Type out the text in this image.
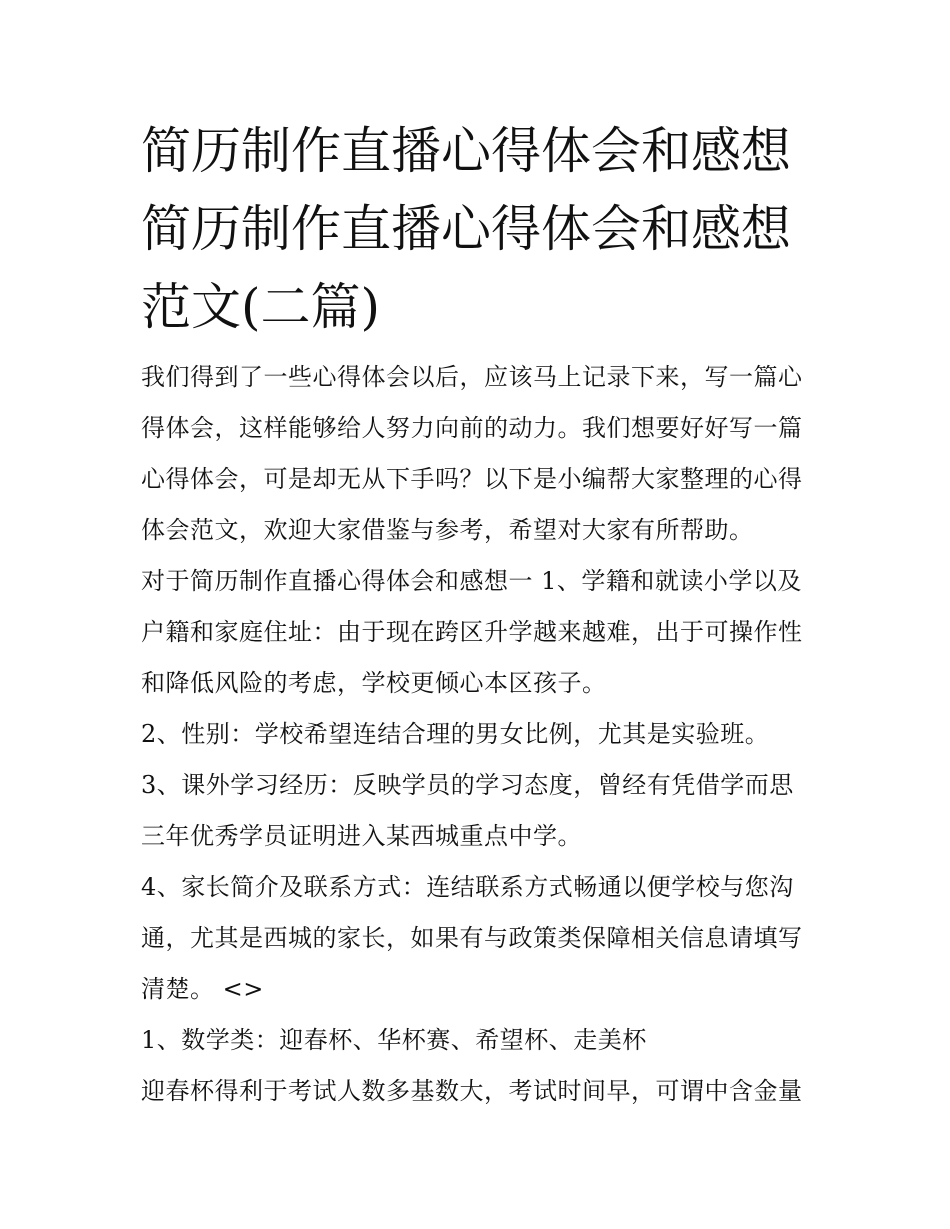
简历制作直播心得体会和感想
简历制作直播心得体会和感想
范文(二篇)

我们得到了一些心得体会以后，应该马上记录下来，写一篇心
得体会，这样能够给人努力向前的动力。我们想要好好写一篇
心得体会，可是却无从下手吗？以下是小编帮大家整理的心得
体会范文，欢迎大家借鉴与参考，希望对大家有所帮助。

对于简历制作直播心得体会和感想一 1、学籍和就读小学以及
户籍和家庭住址：由于现在跨区升学越来越难，出于可操作性
和降低风险的考虑，学校更倾心本区孩子。

2、性别：学校希望连结合理的男女比例，尤其是实验班。

3、课外学习经历：反映学员的学习态度，曾经有凭借学而思
三年优秀学员证明进入某西城重点中学。

4、家长简介及联系方式：连结联系方式畅通以便学校与您沟
通，尤其是西城的家长，如果有与政策类保障相关信息请填写
清楚。 <>

1、数学类：迎春杯、华杯赛、希望杯、走美杯

迎春杯得利于考试人数多基数大，考试时间早，可谓中含金量
